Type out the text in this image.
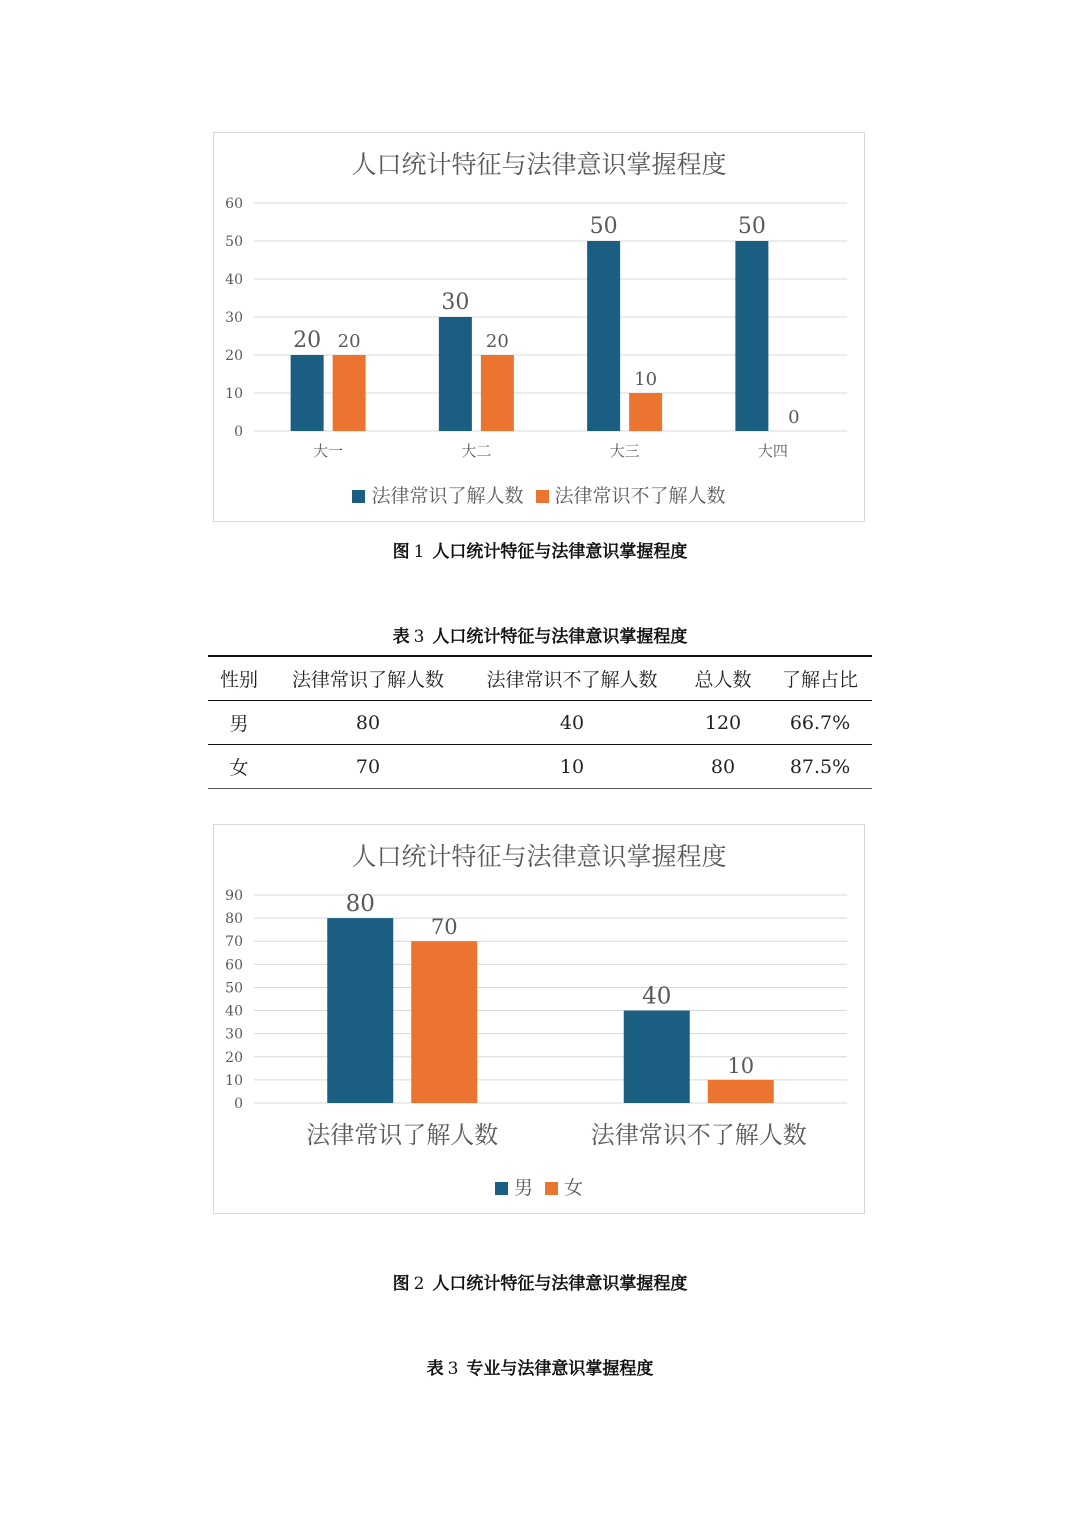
人口统计特征与法律意识掌握程度
0
10
20
30
40
50
60
20 20
大一
30
20
大二
50
10
大三
50
0
大四
法律常识了解人数 法律常识不了解人数
图 1 人口统计特征与法律意识掌握程度
表 3 人口统计特征与法律意识掌握程度
性别	法律常识了解人数	法律常识不了解人数	总人数	了解占比
男	80	40	120	66.7%
女	70	10	80	87.5%
人口统计特征与法律意识掌握程度
0
10
20
30
40
50
60
70
80
90	80
70
法律常识了解人数
40
10
法律常识不了解人数
男 女
图 2 人口统计特征与法律意识掌握程度
表 3 专业与法律意识掌握程度
